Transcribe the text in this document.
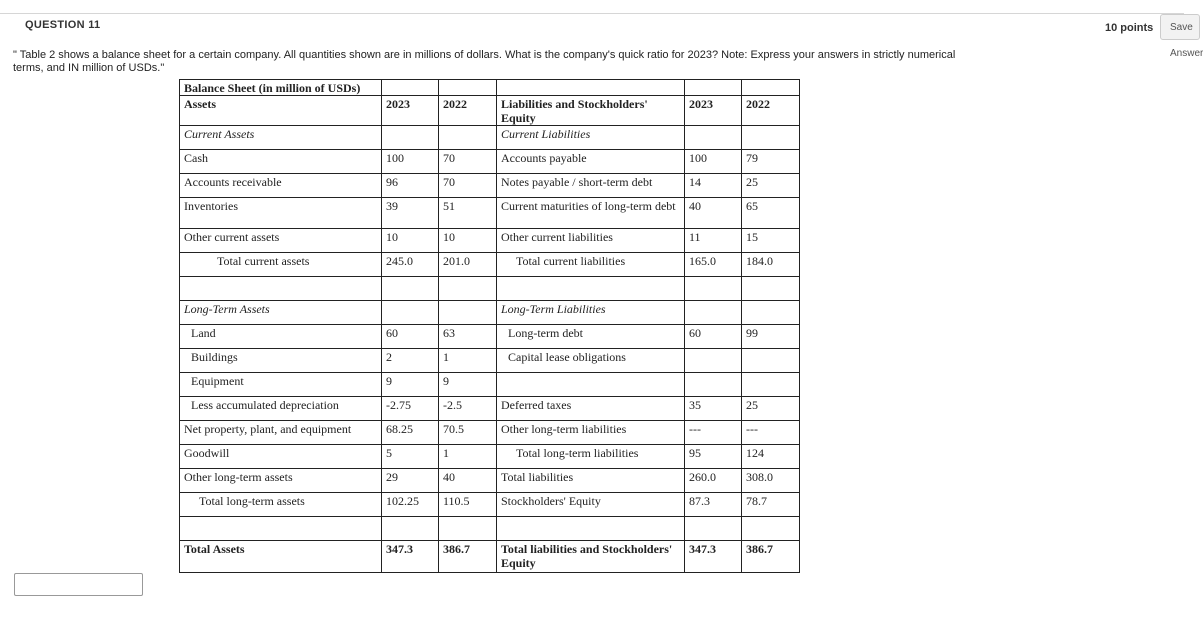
QUESTION 11	10 points	Save Answer
" Table 2 shows a balance sheet for a certain company. All quantities shown are in millions of dollars. What is the company's quick ratio for 2023? Note: Express your answers in strictly numerical terms, and IN million of USDs."
Balance Sheet (in million of USDs)					
Assets	2023	2022	Liabilities and Stockholders' Equity	2023	2022
Current Assets			Current Liabilities		
Cash	100	70	Accounts payable	100	79
Accounts receivable	96	70	Notes payable / short-term debt	14	25
Inventories	39	51	Current maturities of long-term debt	40	65
Other current assets	10	10	Other current liabilities	11	15
Total current assets	245.0	201.0	Total current liabilities	165.0	184.0

Long-Term Assets			Long-Term Liabilities		
Land	60	63	Long-term debt	60	99
Buildings	2	1	Capital lease obligations		
Equipment	9	9			
Less accumulated depreciation	-2.75	-2.5	Deferred taxes	35	25
Net property, plant, and equipment	68.25	70.5	Other long-term liabilities	---	---
Goodwill	5	1	Total long-term liabilities	95	124
Other long-term assets	29	40	Total liabilities	260.0	308.0
Total long-term assets	102.25	110.5	Stockholders' Equity	87.3	78.7

Total Assets	347.3	386.7	Total liabilities and Stockholders' Equity	347.3	386.7
